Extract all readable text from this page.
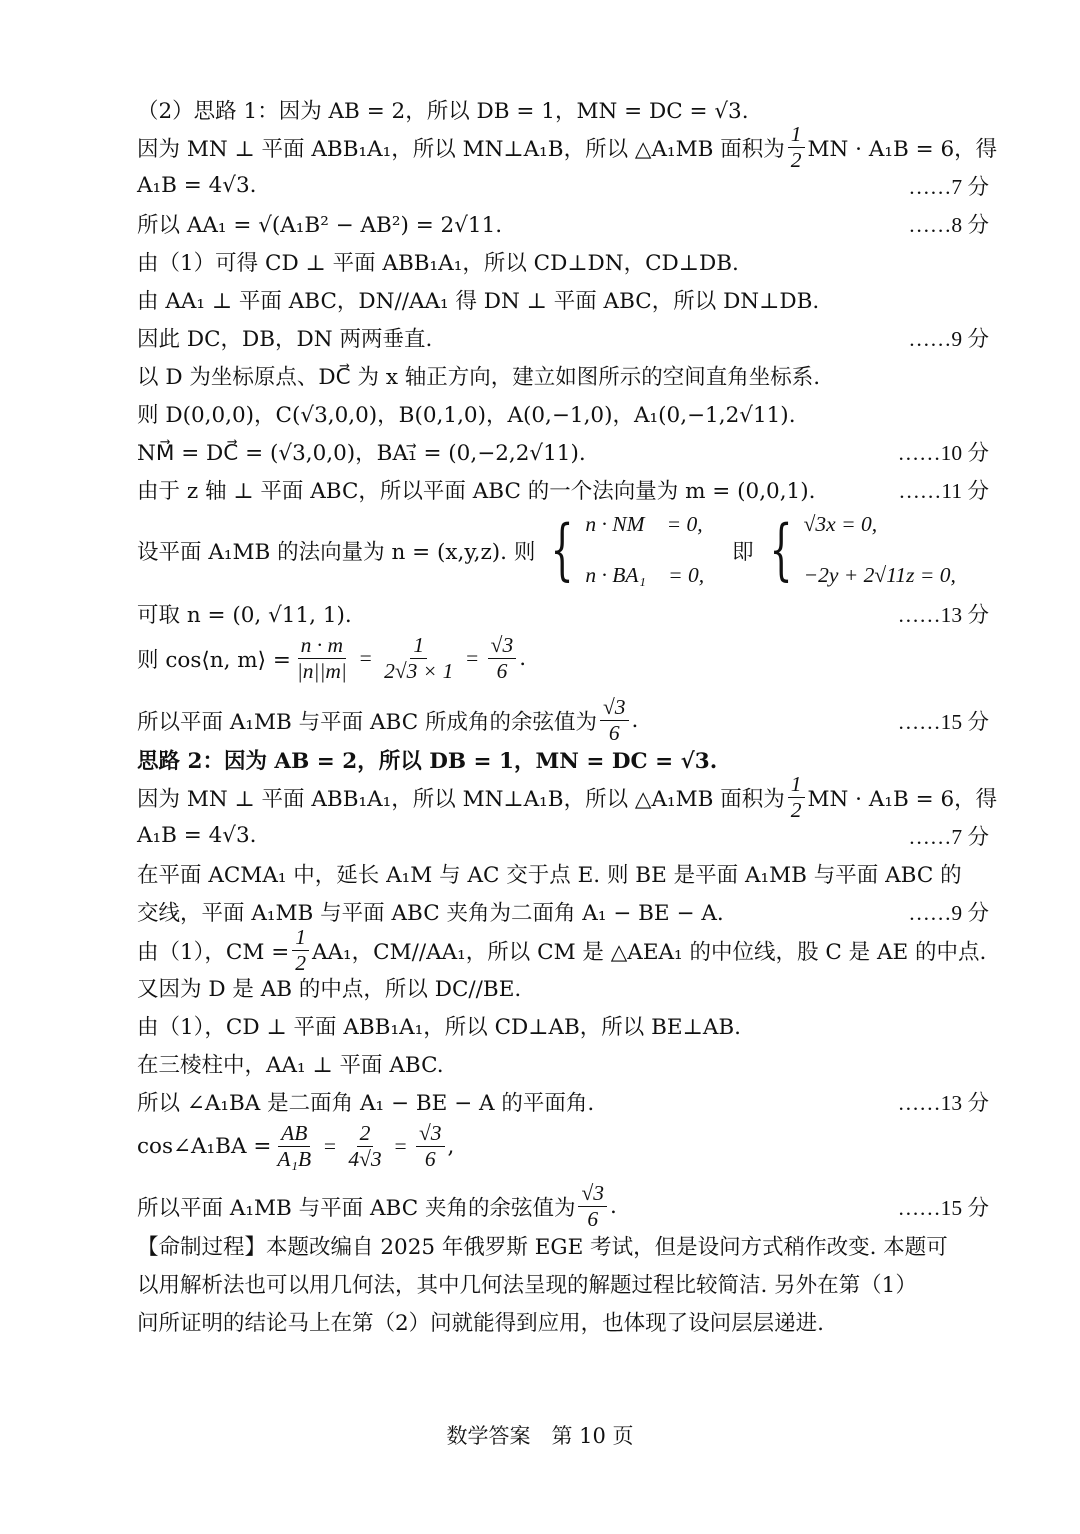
（2）思路 1：因为 AB = 2，所以 DB = 1，MN = DC = √3.
因为 MN ⊥ 平面 ABB₁A₁，所以 MN⊥A₁B，所以 △A₁MB 面积为 $\frac{1}{2}$ MN · A₁B = 6，得
A₁B = 4√3.	……7 分
所以 AA₁ = √(A₁B² − AB²) = 2√11.	……8 分
由（1）可得 CD ⊥ 平面 ABB₁A₁，所以 CD⊥DN，CD⊥DB.
由 AA₁ ⊥ 平面 ABC，DN//AA₁ 得 DN ⊥ 平面 ABC，所以 DN⊥DB.
因此 DC，DB，DN 两两垂直.	……9 分
以 D 为坐标原点、DC⃗ 为 x 轴正方向，建立如图所示的空间直角坐标系.
则 D(0,0,0)，C(√3,0,0)，B(0,1,0)，A(0,−1,0)，A₁(0,−1,2√11).
NM⃗ = DC⃗ = (√3,0,0)，BA₁⃗ = (0,−2,2√11).	……10 分
由于 z 轴 ⊥ 平面 ABC，所以平面 ABC 的一个法向量为 m = (0,0,1).	……11 分
设平面 A₁MB 的法向量为 n = (x,y,z). 则 { n · NM⃗ = 0,
n · BA₁⃗ = 0,
即 { √3x = 0,
−2y + 2√11z = 0,
可取 n = (0, √11, 1).	……13 分
则 cos⟨n, m⟩ = $\frac{n \cdot m}{|n||m|} = \frac{1}{2√3 \times 1} = \frac{√3}{6}$ .
所以平面 A₁MB 与平面 ABC 所成角的余弦值为 $\frac{√3}{6}$ .	……15 分
思路 2：因为 AB = 2，所以 DB = 1，MN = DC = √3.
因为 MN ⊥ 平面 ABB₁A₁，所以 MN⊥A₁B，所以 △A₁MB 面积为 $\frac{1}{2}$ MN · A₁B = 6，得
A₁B = 4√3.	……7 分
在平面 ACMA₁ 中，延长 A₁M 与 AC 交于点 E. 则 BE 是平面 A₁MB 与平面 ABC 的
交线，平面 A₁MB 与平面 ABC 夹角为二面角 A₁ − BE − A.	……9 分
由（1），CM = $\frac{1}{2} AA_1$，CM//AA₁，所以 CM 是 △AEA₁ 的中位线，股 C 是 AE 的中点.
又因为 D 是 AB 的中点，所以 DC//BE.
由（1），CD ⊥ 平面 ABB₁A₁，所以 CD⊥AB，所以 BE⊥AB.
在三棱柱中，AA₁ ⊥ 平面 ABC.
所以 ∠A₁BA 是二面角 A₁ − BE − A 的平面角.	……13 分
cos∠A₁BA = $\frac{AB}{\text{A₁B}} = \frac{2}{4√3} = \frac{√3}{6}$ ,
所以平面 A₁MB 与平面 ABC 夹角的余弦值为 $\frac{√3}{6}$ .	……15 分
【命制过程】本题改编自 2025 年俄罗斯 EGE 考试，但是设问方式稍作改变. 本题可
以用解析法也可以用几何法，其中几何法呈现的解题过程比较简洁. 另外在第（1）
问所证明的结论马上在第（2）问就能得到应用，也体现了设问层层递进.
数学答案　第 10 页
